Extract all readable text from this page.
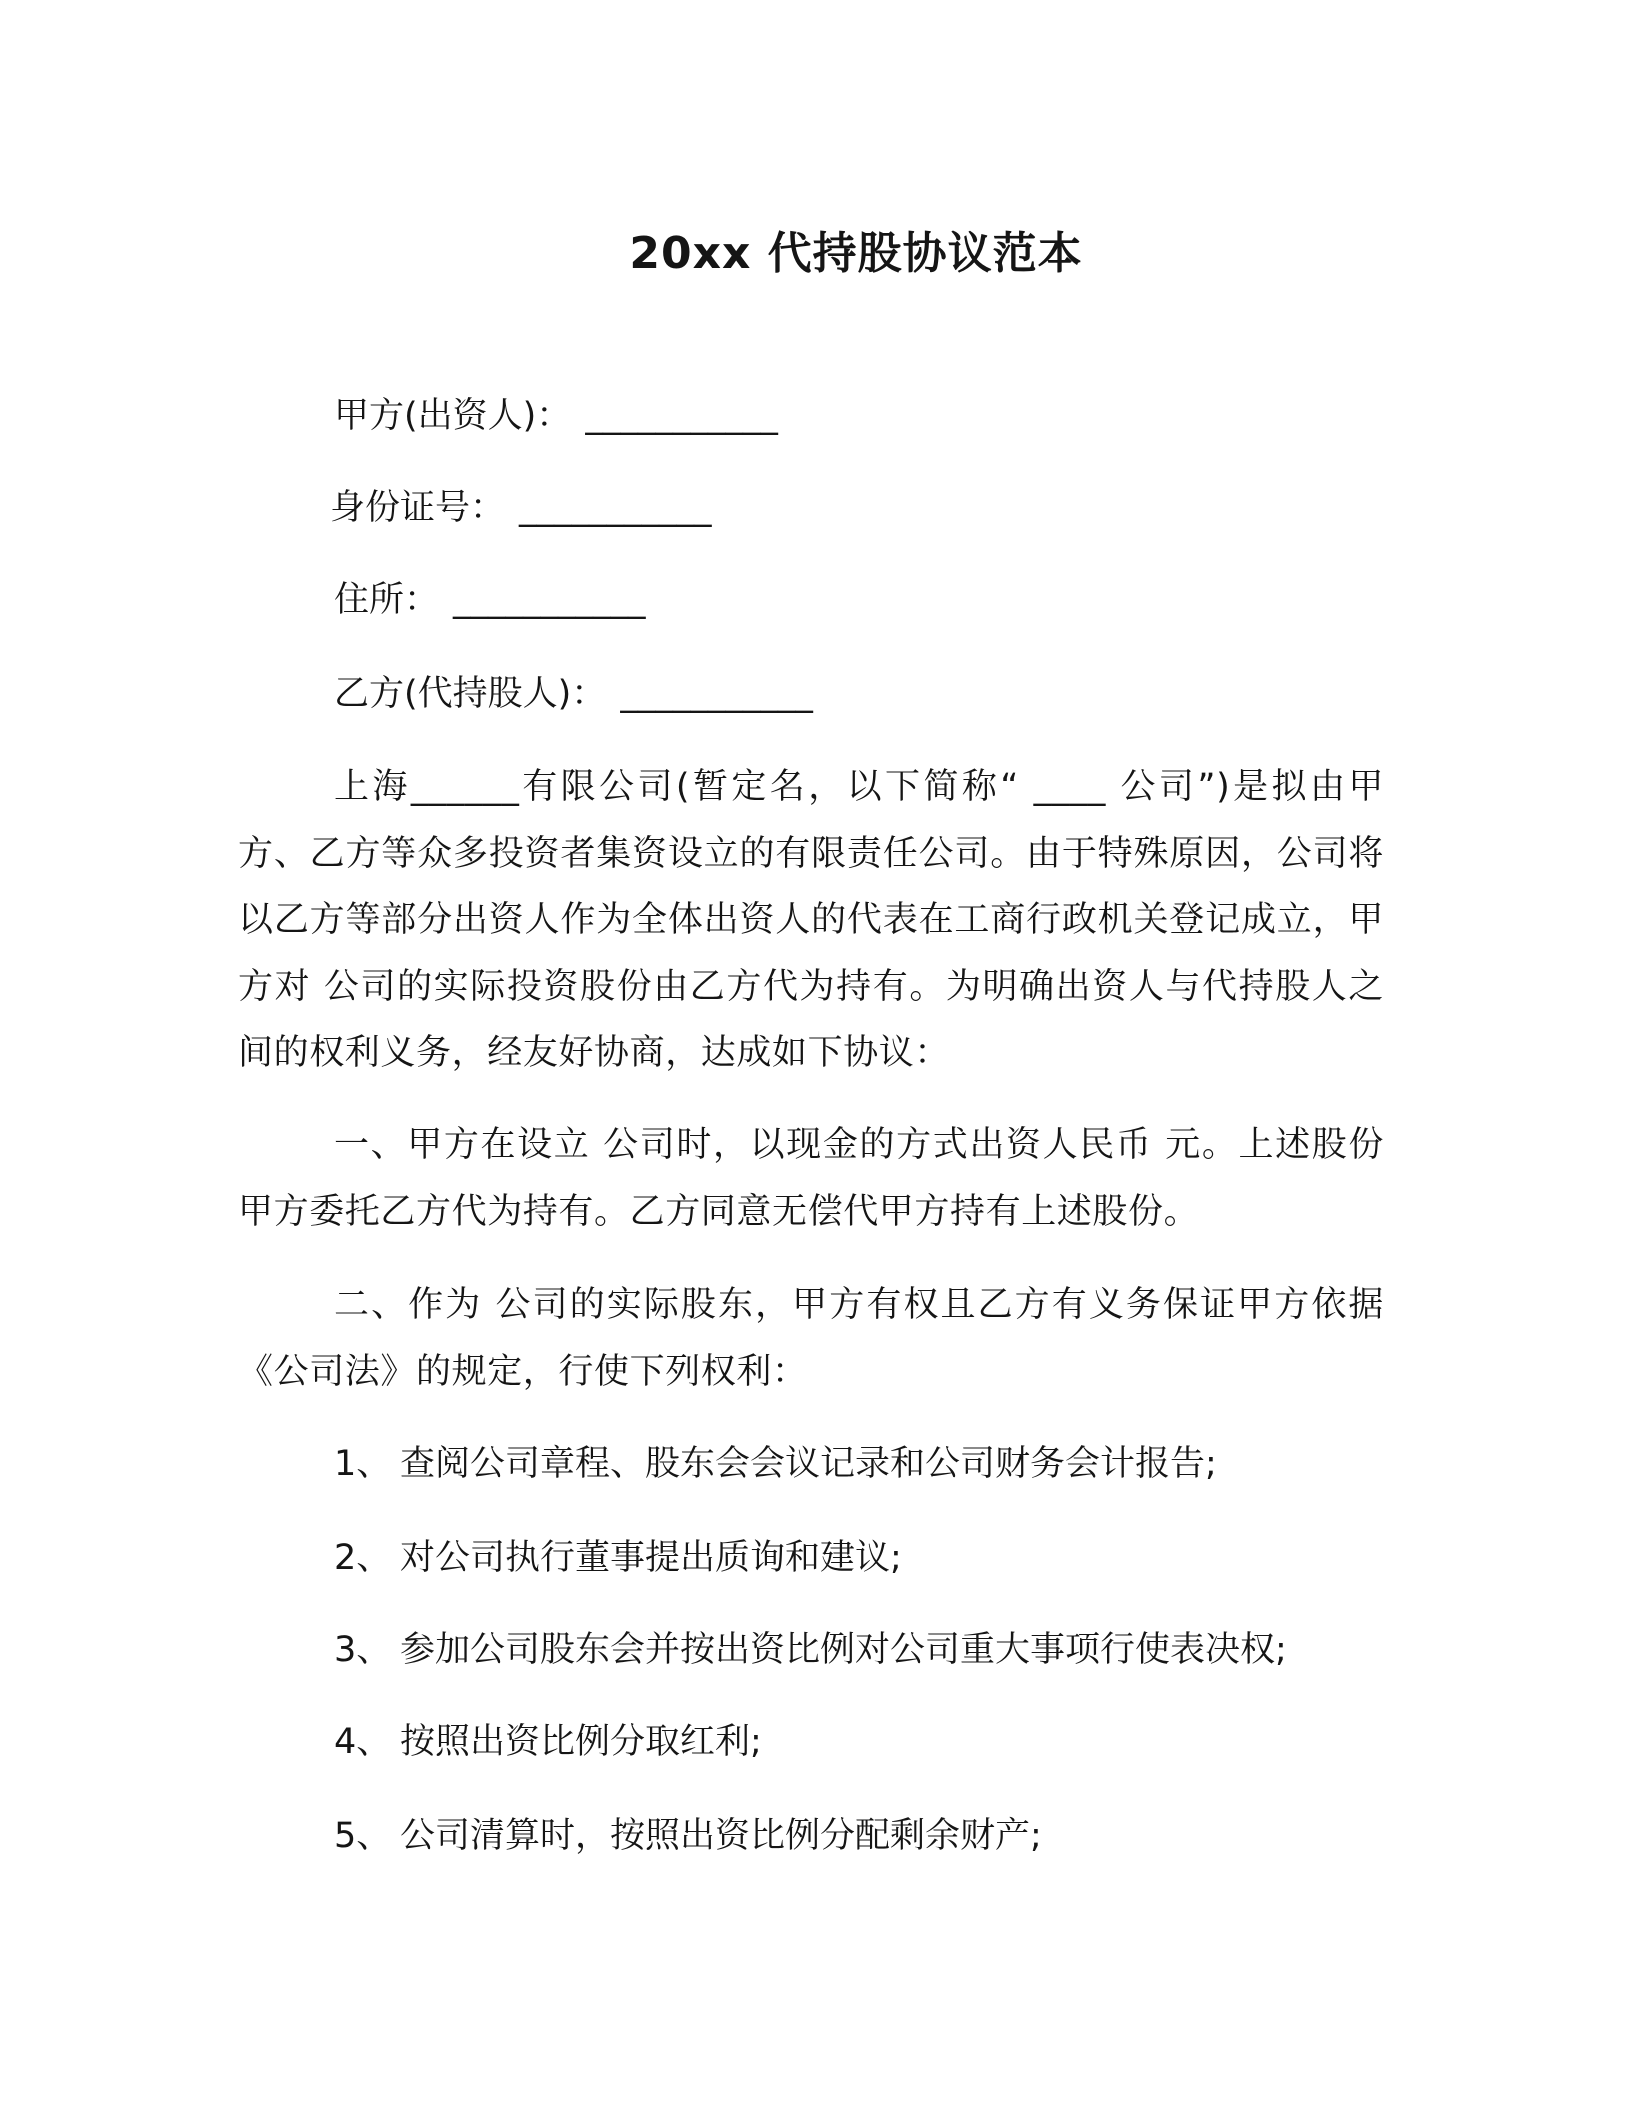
20xx 代持股协议范本
甲方(出资人)： ___________
身份证号： ___________
住所： ___________
乙方(代持股人)： ___________

上海______有限公司(暂定名，以下简称“ ____ 公司”)是拟由甲方、乙方等众多投资者集资设立的有限责任公司。由于特殊原因，公司将以乙方等部分出资人作为全体出资人的代表在工商行政机关登记成立，甲方对 公司的实际投资股份由乙方代为持有。为明确出资人与代持股人之间的权利义务，经友好协商，达成如下协议：

一、甲方在设立 公司时，以现金的方式出资人民币 元。上述股份甲方委托乙方代为持有。乙方同意无偿代甲方持有上述股份。

二、作为 公司的实际股东，甲方有权且乙方有义务保证甲方依据《公司法》的规定，行使下列权利：

1、 查阅公司章程、股东会会议记录和公司财务会计报告;
2、 对公司执行董事提出质询和建议;
3、 参加公司股东会并按出资比例对公司重大事项行使表决权;
4、 按照出资比例分取红利;
5、 公司清算时，按照出资比例分配剩余财产;
